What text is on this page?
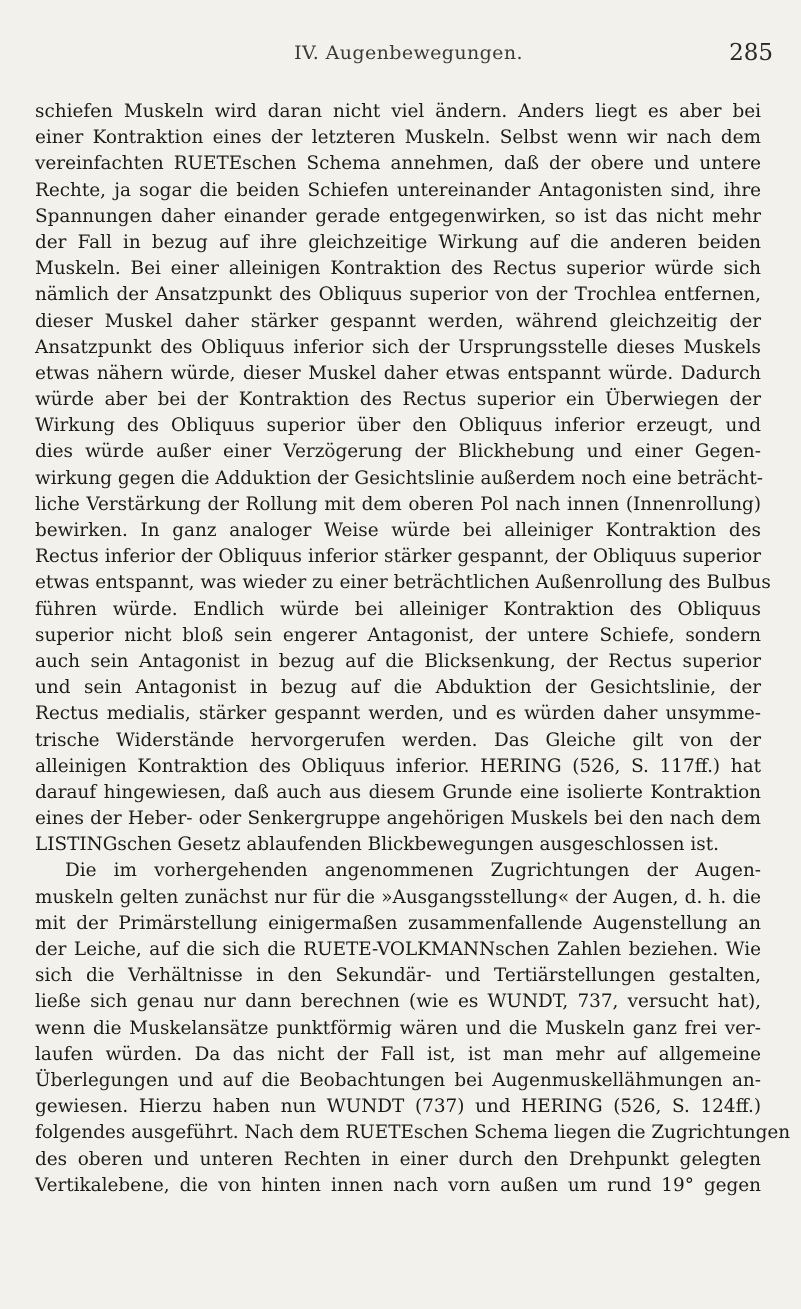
IV. Augenbewegungen.	285
schiefen Muskeln wird daran nicht viel ändern. Anders liegt es aber bei
einer Kontraktion eines der letzteren Muskeln. Selbst wenn wir nach dem
vereinfachten RUETEschen Schema annehmen, daß der obere und untere
Rechte, ja sogar die beiden Schiefen untereinander Antagonisten sind, ihre
Spannungen daher einander gerade entgegenwirken, so ist das nicht mehr
der Fall in bezug auf ihre gleichzeitige Wirkung auf die anderen beiden
Muskeln. Bei einer alleinigen Kontraktion des Rectus superior würde sich
nämlich der Ansatzpunkt des Obliquus superior von der Trochlea entfernen,
dieser Muskel daher stärker gespannt werden, während gleichzeitig der
Ansatzpunkt des Obliquus inferior sich der Ursprungsstelle dieses Muskels
etwas nähern würde, dieser Muskel daher etwas entspannt würde. Dadurch
würde aber bei der Kontraktion des Rectus superior ein Überwiegen der
Wirkung des Obliquus superior über den Obliquus inferior erzeugt, und
dies würde außer einer Verzögerung der Blickhebung und einer Gegen-
wirkung gegen die Adduktion der Gesichtslinie außerdem noch eine beträcht-
liche Verstärkung der Rollung mit dem oberen Pol nach innen (Innenrollung)
bewirken. In ganz analoger Weise würde bei alleiniger Kontraktion des
Rectus inferior der Obliquus inferior stärker gespannt, der Obliquus superior
etwas entspannt, was wieder zu einer beträchtlichen Außenrollung des Bulbus
führen würde. Endlich würde bei alleiniger Kontraktion des Obliquus
superior nicht bloß sein engerer Antagonist, der untere Schiefe, sondern
auch sein Antagonist in bezug auf die Blicksenkung, der Rectus superior
und sein Antagonist in bezug auf die Abduktion der Gesichtslinie, der
Rectus medialis, stärker gespannt werden, und es würden daher unsymme-
trische Widerstände hervorgerufen werden. Das Gleiche gilt von der
alleinigen Kontraktion des Obliquus inferior. HERING (526, S. 117ff.) hat
darauf hingewiesen, daß auch aus diesem Grunde eine isolierte Kontraktion
eines der Heber- oder Senkergruppe angehörigen Muskels bei den nach dem
LISTINGschen Gesetz ablaufenden Blickbewegungen ausgeschlossen ist.
Die im vorhergehenden angenommenen Zugrichtungen der Augen-
muskeln gelten zunächst nur für die »Ausgangsstellung« der Augen, d. h. die
mit der Primärstellung einigermaßen zusammenfallende Augenstellung an
der Leiche, auf die sich die RUETE-VOLKMANNschen Zahlen beziehen. Wie
sich die Verhältnisse in den Sekundär- und Tertiärstellungen gestalten,
ließe sich genau nur dann berechnen (wie es WUNDT, 737, versucht hat),
wenn die Muskelansätze punktförmig wären und die Muskeln ganz frei ver-
laufen würden. Da das nicht der Fall ist, ist man mehr auf allgemeine
Überlegungen und auf die Beobachtungen bei Augenmuskellähmungen an-
gewiesen. Hierzu haben nun WUNDT (737) und HERING (526, S. 124ff.)
folgendes ausgeführt. Nach dem RUETEschen Schema liegen die Zugrichtungen
des oberen und unteren Rechten in einer durch den Drehpunkt gelegten
Vertikalebene, die von hinten innen nach vorn außen um rund 19° gegen
